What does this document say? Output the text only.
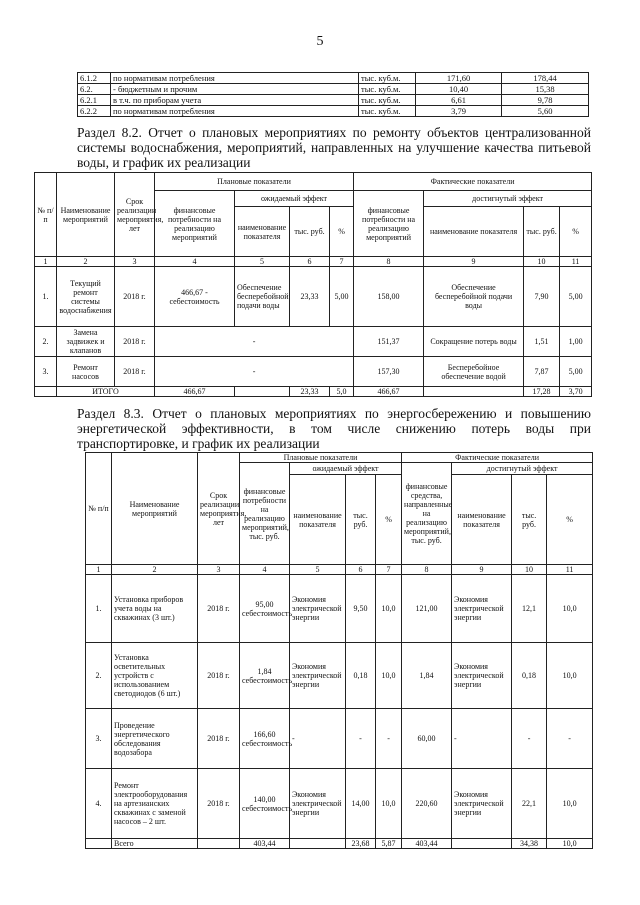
5
6.1.2	по нормативам потребления	тыс. куб.м.	171,60	178,44
6.2.	- бюджетным и прочим	тыс. куб.м.	10,40	15,38
6.2.1	в т.ч. по приборам учета	тыс. куб.м.	6,61	9,78
6.2.2	по нормативам потребления	тыс. куб.м.	3,79	5,60
Раздел 8.2. Отчет о плановых мероприятиях по ремонту объектов централизованной системы водоснабжения, мероприятий, направленных на улучшение качества питьевой воды, и график их реализации
№ п/п	Наименование мероприятий	Срок реализации мероприятия, лет	Плановые показатели				Фактические показатели			
			финансовые потребности на реализацию мероприятий	ожидаемый эффект			финансовые потребности на реализацию мероприятий	достигнутый эффект		
				наименование показателя	тыс. руб.	%		наименование показателя	тыс. руб.	%
1	2	3	4	5	6	7	8	9	10	11
1.	Текущий ремонт системы водоснабжения	2018 г.	466,67 - себестоимость	Обеспечение бесперебойной подачи воды	23,33	5,00	158,00	Обеспечение бесперебойной подачи воды	7,90	5,00
2.	Замена задвижек и клапанов	2018 г.	-				151,37	Сокращение потерь воды	1,51	1,00
3.	Ремонт насосов	2018 г.	-				157,30	Бесперебойное обеспечение водой	7,87	5,00
	ИТОГО		466,67		23,33	5,0	466,67		17,28	3,70
Раздел 8.3. Отчет о плановых мероприятиях по энергосбережению и повышению энергетической эффективности, в том числе снижению потерь воды при транспортировке, и график их реализации
№ п/п	Наименование мероприятий	Срок реализации мероприятия, лет	Плановые показатели				Фактические показатели			
			финансовые потребности на реализацию мероприятий, тыс. руб.	ожидаемый эффект			финансовые средства, направленные на реализацию мероприятий, тыс. руб.	достигнутый эффект		
				наименование показателя	тыс. руб.	%		наименование показателя	тыс. руб.	%
1	2	3	4	5	6	7	8	9	10	11
1.	Установка приборов учета воды на скважинах (3 шт.)	2018 г.	95,00 себестоимость	Экономия электрической энергии	9,50	10,0	121,00	Экономия электрической энергии	12,1	10,0
2.	Установка осветительных устройств с использованием светодиодов (6 шт.)	2018 г.	1,84 себестоимость	Экономия электрической энергии	0,18	10,0	1,84	Экономия электрической энергии	0,18	10,0
3.	Проведение энергетического обследования водозабора	2018 г.	166,60 себестоимость	-	-	-	60,00	-	-	-
4.	Ремонт электрооборудования на артезианских скважинах с заменой насосов – 2 шт.	2018 г.	140,00 себестоимость	Экономия электрической энергии	14,00	10,0	220,60	Экономия электрической энергии	22,1	10,0
	Всего		403,44		23,68	5,87	403,44		34,38	10,0
